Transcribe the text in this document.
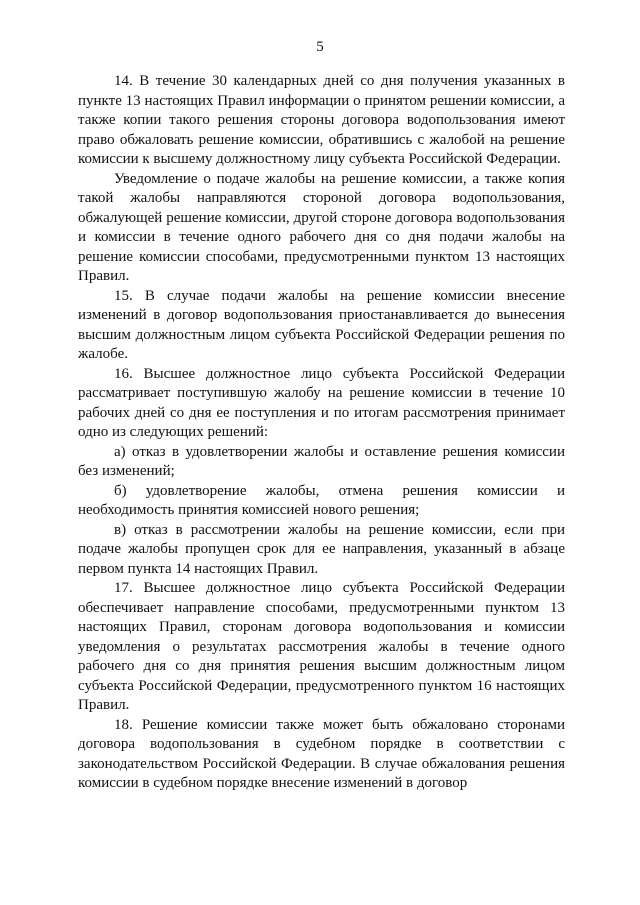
5

14. В течение 30 календарных дней со дня получения указанных в пункте 13 настоящих Правил информации о принятом решении комиссии, а также копии такого решения стороны договора водопользования имеют право обжаловать решение комиссии, обратившись с жалобой на решение комиссии к высшему должностному лицу субъекта Российской Федерации.

Уведомление о подаче жалобы на решение комиссии, а также копия такой жалобы направляются стороной договора водопользования, обжалующей решение комиссии, другой стороне договора водопользования и комиссии в течение одного рабочего дня со дня подачи жалобы на решение комиссии способами, предусмотренными пунктом 13 настоящих Правил.

15. В случае подачи жалобы на решение комиссии внесение изменений в договор водопользования приостанавливается до вынесения высшим должностным лицом субъекта Российской Федерации решения по жалобе.

16. Высшее должностное лицо субъекта Российской Федерации рассматривает поступившую жалобу на решение комиссии в течение 10 рабочих дней со дня ее поступления и по итогам рассмотрения принимает одно из следующих решений:

а) отказ в удовлетворении жалобы и оставление решения комиссии без изменений;

б) удовлетворение жалобы, отмена решения комиссии и необходимость принятия комиссией нового решения;

в) отказ в рассмотрении жалобы на решение комиссии, если при подаче жалобы пропущен срок для ее направления, указанный в абзаце первом пункта 14 настоящих Правил.

17. Высшее должностное лицо субъекта Российской Федерации обеспечивает направление способами, предусмотренными пунктом 13 настоящих Правил, сторонам договора водопользования и комиссии уведомления о результатах рассмотрения жалобы в течение одного рабочего дня со дня принятия решения высшим должностным лицом субъекта Российской Федерации, предусмотренного пунктом 16 настоящих Правил.

18. Решение комиссии также может быть обжаловано сторонами договора водопользования в судебном порядке в соответствии с законодательством Российской Федерации. В случае обжалования решения комиссии в судебном порядке внесение изменений в договор
